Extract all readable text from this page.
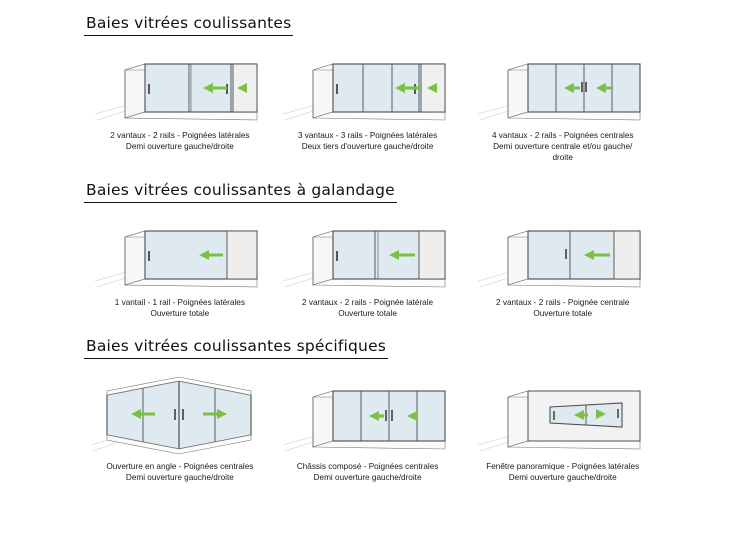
Baies vitrées coulissantes
2 vantaux - 2 rails - Poignées latérales
Demi ouverture gauche/droite
3 vantaux - 3 rails - Poignées latérales
Deux tiers d'ouverture gauche/droite
4 vantaux - 2 rails - Poignées centrales
Demi ouverture centrale et/ou gauche/
droite
Baies vitrées coulissantes à galandage
1 vantail - 1 rail - Poignées latérales
Ouverture totale
2 vantaux - 2 rails - Poignée latérale
Ouverture totale
2 vantaux - 2 rails - Poignée centrale
Ouverture totale
Baies vitrées coulissantes spécifiques
Ouverture en angle - Poignées centrales
Demi ouverture gauche/droite
Châssis composé - Poignées centrales
Demi ouverture gauche/droite
Fenêtre panoramique - Poignées latérales
Demi ouverture gauche/droite
